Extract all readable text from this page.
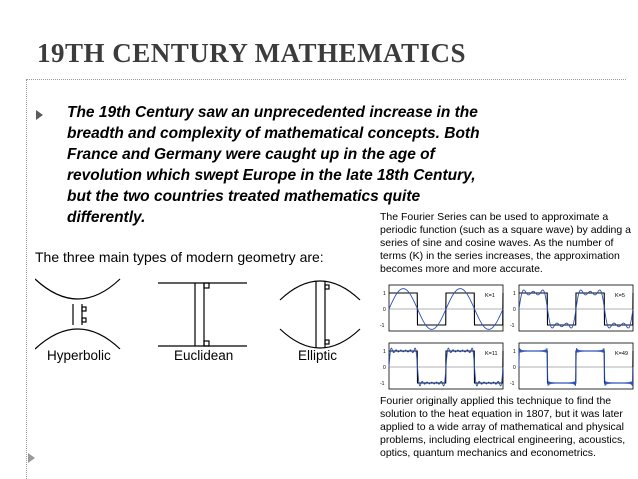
19TH CENTURY MATHEMATICS
The 19th Century saw an unprecedented increase in the
breadth and complexity of mathematical concepts. Both
France and Germany were caught up in the age of
revolution which swept Europe in the late 18th Century,
but the two countries treated mathematics quite
differently.
The three main types of modern geometry are:
Hyperbolic	Euclidean	Elliptic
The Fourier Series can be used to approximate a periodic function (such as a square wave) by adding a series of sine and cosine waves. As the number of terms (K) in the series increases, the approximation becomes more and more accurate.
1
0
-1
K=1	1
0
-1
K=5
1
0
-1
K=11	1
0
-1
K=49
Fourier originally applied this technique to find the solution to the heat equation in 1807, but it was later applied to a wide array of mathematical and physical problems, including electrical engineering, acoustics, optics, quantum mechanics and econometrics.
